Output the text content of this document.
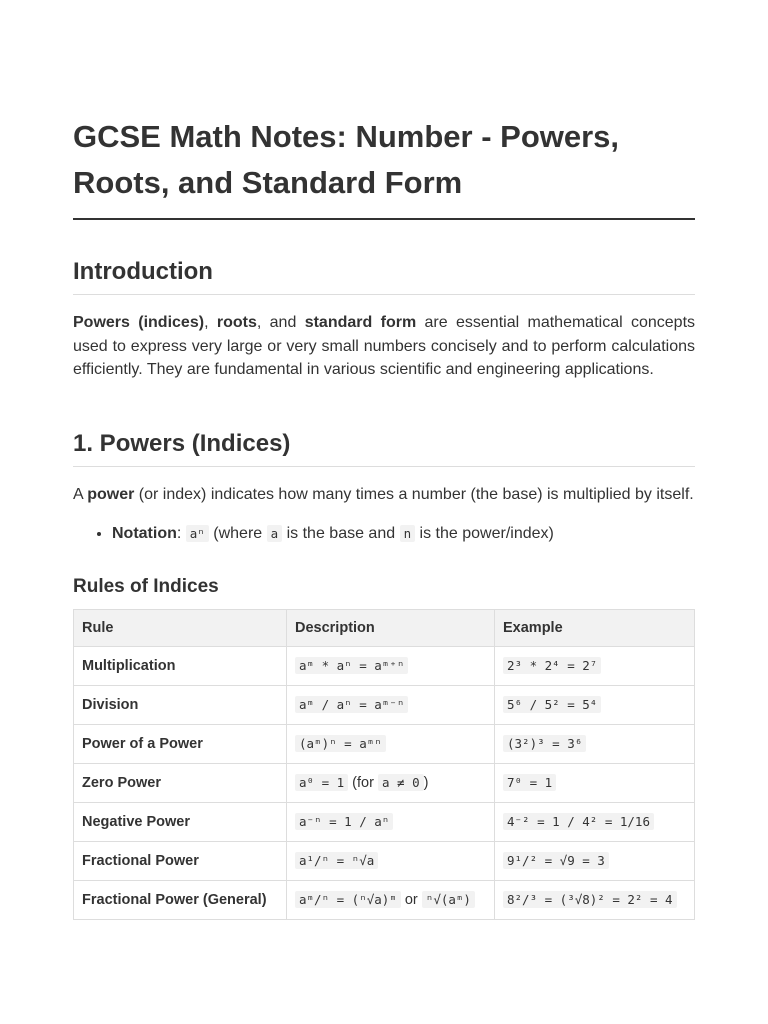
GCSE Math Notes: Number - Powers, Roots, and Standard Form
Introduction

Powers (indices), roots, and standard form are essential mathematical concepts used to express very large or very small numbers concisely and to perform calculations efficiently. They are fundamental in various scientific and engineering applications.

1. Powers (Indices)

A power (or index) indicates how many times a number (the base) is multiplied by itself.

• Notation: aⁿ (where a is the base and n is the power/index)
Rules of Indices
Rule	Description	Example
Multiplication	aᵐ * aⁿ = aᵐ⁺ⁿ	2³ * 2⁴ = 2⁷
Division	aᵐ / aⁿ = aᵐ⁻ⁿ	5⁶ / 5² = 5⁴
Power of a Power	(aᵐ)ⁿ = aᵐⁿ	(3²)³ = 3⁶
Zero Power	a⁰ = 1 (for a ≠ 0 )	7⁰ = 1
Negative Power	a⁻ⁿ = 1 / aⁿ	4⁻² = 1 / 4² = 1/16
Fractional Power	a¹/ⁿ = ⁿ√a	9¹/² = √9 = 3
Fractional Power (General)	aᵐ/ⁿ = (ⁿ√a)ᵐ or ⁿ√(aᵐ)	8²/³ = (³√8)² = 2² = 4
